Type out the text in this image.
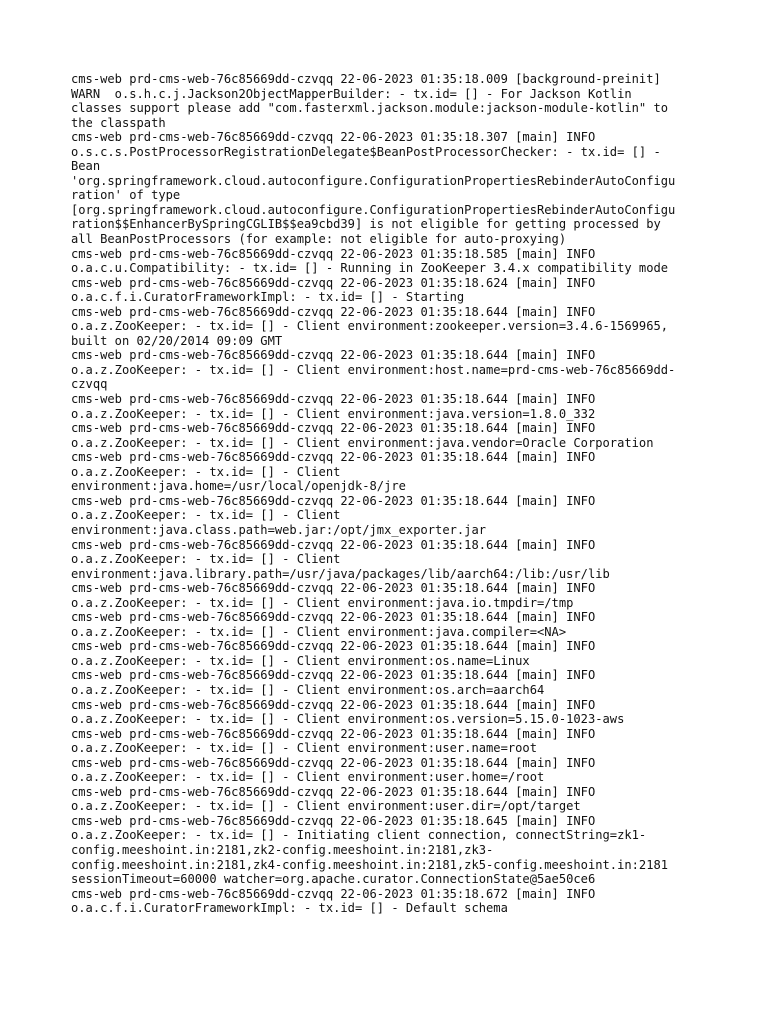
cms-web prd-cms-web-76c85669dd-czvqq 22-06-2023 01:35:18.009 [background-preinit]
WARN  o.s.h.c.j.Jackson2ObjectMapperBuilder: - tx.id= [] - For Jackson Kotlin
classes support please add "com.fasterxml.jackson.module:jackson-module-kotlin" to
the classpath
cms-web prd-cms-web-76c85669dd-czvqq 22-06-2023 01:35:18.307 [main] INFO
o.s.c.s.PostProcessorRegistrationDelegate$BeanPostProcessorChecker: - tx.id= [] -
Bean
'org.springframework.cloud.autoconfigure.ConfigurationPropertiesRebinderAutoConfigu
ration' of type
[org.springframework.cloud.autoconfigure.ConfigurationPropertiesRebinderAutoConfigu
ration$$EnhancerBySpringCGLIB$$ea9cbd39] is not eligible for getting processed by
all BeanPostProcessors (for example: not eligible for auto-proxying)
cms-web prd-cms-web-76c85669dd-czvqq 22-06-2023 01:35:18.585 [main] INFO
o.a.c.u.Compatibility: - tx.id= [] - Running in ZooKeeper 3.4.x compatibility mode
cms-web prd-cms-web-76c85669dd-czvqq 22-06-2023 01:35:18.624 [main] INFO
o.a.c.f.i.CuratorFrameworkImpl: - tx.id= [] - Starting
cms-web prd-cms-web-76c85669dd-czvqq 22-06-2023 01:35:18.644 [main] INFO
o.a.z.ZooKeeper: - tx.id= [] - Client environment:zookeeper.version=3.4.6-1569965,
built on 02/20/2014 09:09 GMT
cms-web prd-cms-web-76c85669dd-czvqq 22-06-2023 01:35:18.644 [main] INFO
o.a.z.ZooKeeper: - tx.id= [] - Client environment:host.name=prd-cms-web-76c85669dd-
czvqq
cms-web prd-cms-web-76c85669dd-czvqq 22-06-2023 01:35:18.644 [main] INFO
o.a.z.ZooKeeper: - tx.id= [] - Client environment:java.version=1.8.0_332
cms-web prd-cms-web-76c85669dd-czvqq 22-06-2023 01:35:18.644 [main] INFO
o.a.z.ZooKeeper: - tx.id= [] - Client environment:java.vendor=Oracle Corporation
cms-web prd-cms-web-76c85669dd-czvqq 22-06-2023 01:35:18.644 [main] INFO
o.a.z.ZooKeeper: - tx.id= [] - Client
environment:java.home=/usr/local/openjdk-8/jre
cms-web prd-cms-web-76c85669dd-czvqq 22-06-2023 01:35:18.644 [main] INFO
o.a.z.ZooKeeper: - tx.id= [] - Client
environment:java.class.path=web.jar:/opt/jmx_exporter.jar
cms-web prd-cms-web-76c85669dd-czvqq 22-06-2023 01:35:18.644 [main] INFO
o.a.z.ZooKeeper: - tx.id= [] - Client
environment:java.library.path=/usr/java/packages/lib/aarch64:/lib:/usr/lib
cms-web prd-cms-web-76c85669dd-czvqq 22-06-2023 01:35:18.644 [main] INFO
o.a.z.ZooKeeper: - tx.id= [] - Client environment:java.io.tmpdir=/tmp
cms-web prd-cms-web-76c85669dd-czvqq 22-06-2023 01:35:18.644 [main] INFO
o.a.z.ZooKeeper: - tx.id= [] - Client environment:java.compiler=<NA>
cms-web prd-cms-web-76c85669dd-czvqq 22-06-2023 01:35:18.644 [main] INFO
o.a.z.ZooKeeper: - tx.id= [] - Client environment:os.name=Linux
cms-web prd-cms-web-76c85669dd-czvqq 22-06-2023 01:35:18.644 [main] INFO
o.a.z.ZooKeeper: - tx.id= [] - Client environment:os.arch=aarch64
cms-web prd-cms-web-76c85669dd-czvqq 22-06-2023 01:35:18.644 [main] INFO
o.a.z.ZooKeeper: - tx.id= [] - Client environment:os.version=5.15.0-1023-aws
cms-web prd-cms-web-76c85669dd-czvqq 22-06-2023 01:35:18.644 [main] INFO
o.a.z.ZooKeeper: - tx.id= [] - Client environment:user.name=root
cms-web prd-cms-web-76c85669dd-czvqq 22-06-2023 01:35:18.644 [main] INFO
o.a.z.ZooKeeper: - tx.id= [] - Client environment:user.home=/root
cms-web prd-cms-web-76c85669dd-czvqq 22-06-2023 01:35:18.644 [main] INFO
o.a.z.ZooKeeper: - tx.id= [] - Client environment:user.dir=/opt/target
cms-web prd-cms-web-76c85669dd-czvqq 22-06-2023 01:35:18.645 [main] INFO
o.a.z.ZooKeeper: - tx.id= [] - Initiating client connection, connectString=zk1-
config.meeshoint.in:2181,zk2-config.meeshoint.in:2181,zk3-
config.meeshoint.in:2181,zk4-config.meeshoint.in:2181,zk5-config.meeshoint.in:2181
sessionTimeout=60000 watcher=org.apache.curator.ConnectionState@5ae50ce6
cms-web prd-cms-web-76c85669dd-czvqq 22-06-2023 01:35:18.672 [main] INFO
o.a.c.f.i.CuratorFrameworkImpl: - tx.id= [] - Default schema
